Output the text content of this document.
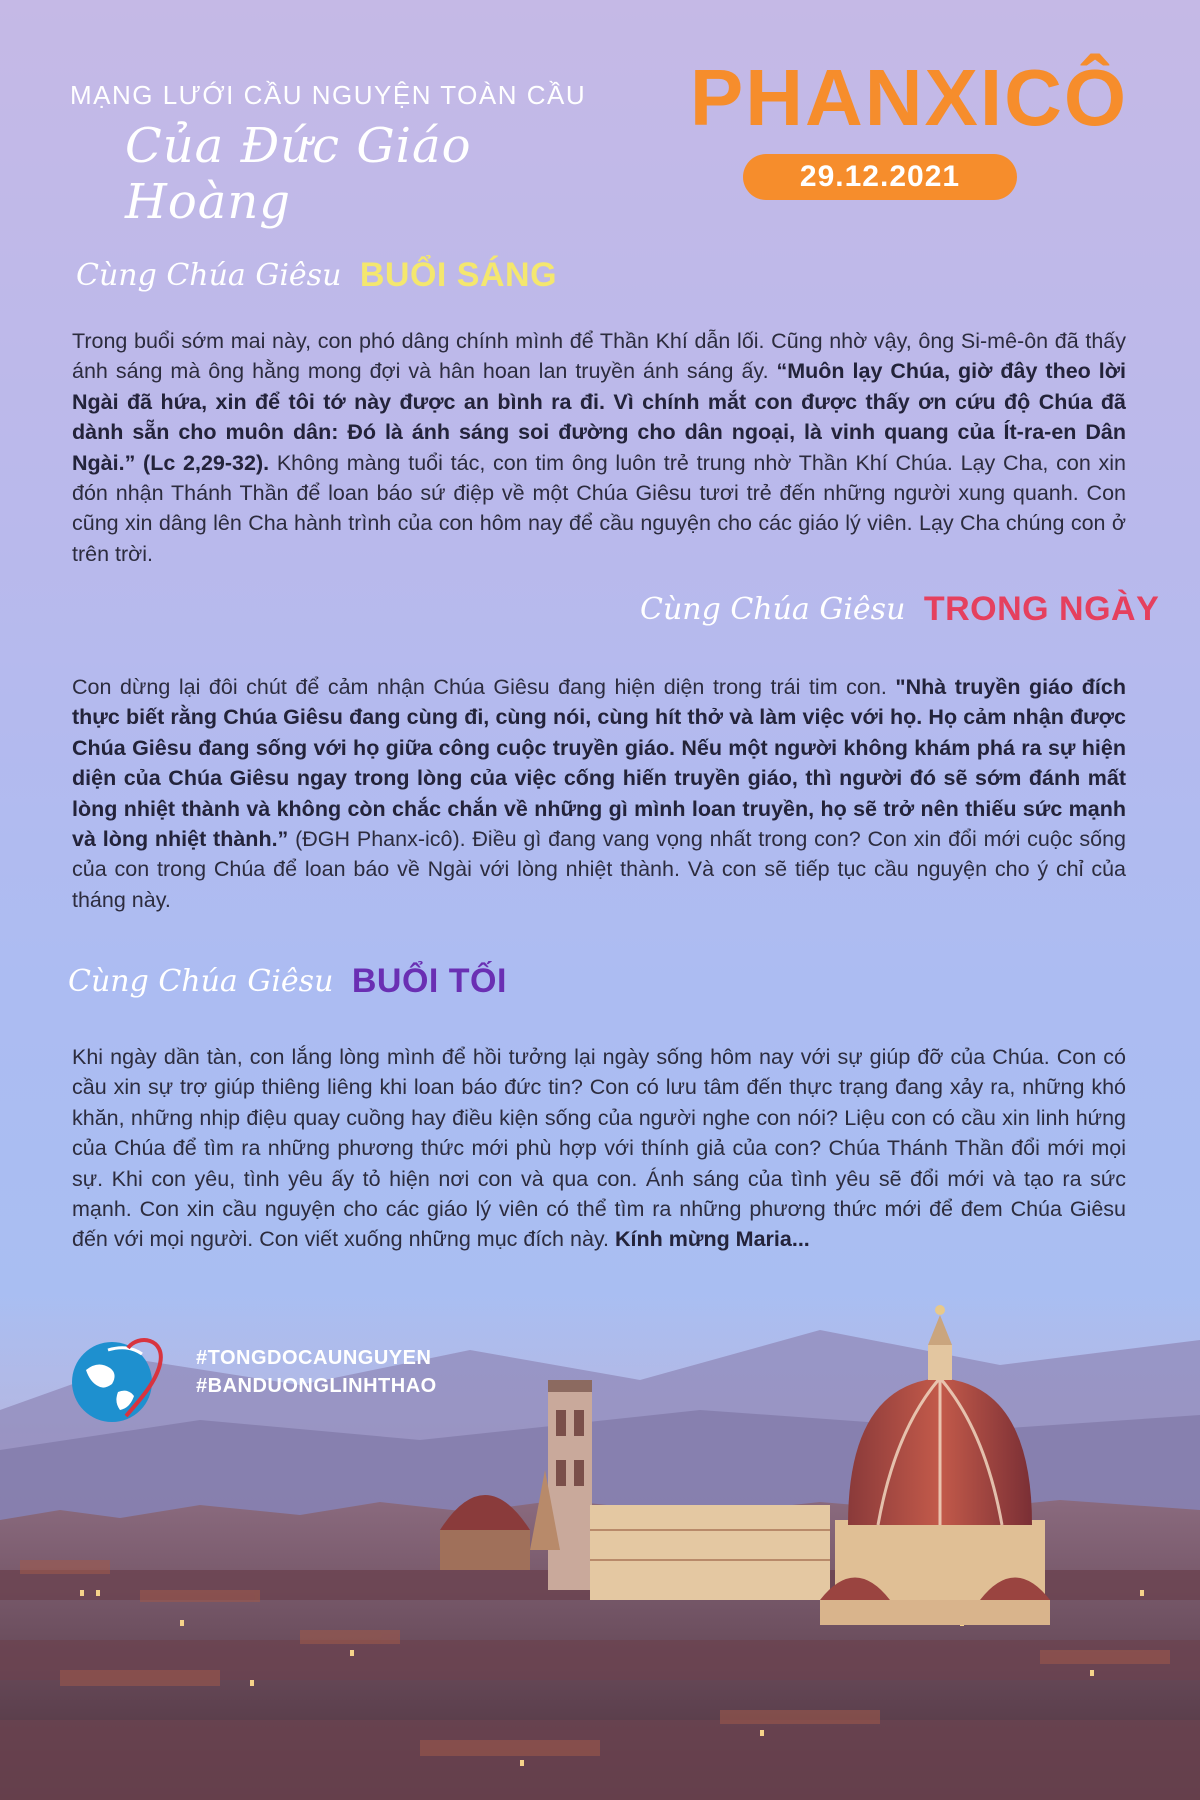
MẠNG LƯỚI CẦU NGUYỆN TOÀN CẦU
Của Đức Giáo Hoàng
PHANXICÔ
29.12.2021
Cùng Chúa Giêsu BUỔI SÁNG

Trong buổi sớm mai này, con phó dâng chính mình để Thần Khí dẫn lối. Cũng nhờ vậy, ông Si-mê-ôn đã thấy ánh sáng mà ông hằng mong đợi và hân hoan lan truyền ánh sáng ấy. “Muôn lạy Chúa, giờ đây theo lời Ngài đã hứa, xin để tôi tớ này được an bình ra đi. Vì chính mắt con được thấy ơn cứu độ Chúa đã dành sẵn cho muôn dân: Đó là ánh sáng soi đường cho dân ngoại, là vinh quang của Ít-ra-en Dân Ngài.” (Lc 2,29-32). Không màng tuổi tác, con tim ông luôn trẻ trung nhờ Thần Khí Chúa. Lạy Cha, con xin đón nhận Thánh Thần để loan báo sứ điệp về một Chúa Giêsu tươi trẻ đến những người xung quanh. Con cũng xin dâng lên Cha hành trình của con hôm nay để cầu nguyện cho các giáo lý viên. Lạy Cha chúng con ở trên trời.

Cùng Chúa Giêsu TRONG NGÀY

Con dừng lại đôi chút để cảm nhận Chúa Giêsu đang hiện diện trong trái tim con. "Nhà truyền giáo đích thực biết rằng Chúa Giêsu đang cùng đi, cùng nói, cùng hít thở và làm việc với họ. Họ cảm nhận được Chúa Giêsu đang sống với họ giữa công cuộc truyền giáo. Nếu một người không khám phá ra sự hiện diện của Chúa Giêsu ngay trong lòng của việc cống hiến truyền giáo, thì người đó sẽ sớm đánh mất lòng nhiệt thành và không còn chắc chắn về những gì mình loan truyền, họ sẽ trở nên thiếu sức mạnh và lòng nhiệt thành.” (ĐGH Phanx-icô). Điều gì đang vang vọng nhất trong con? Con xin đổi mới cuộc sống của con trong Chúa để loan báo về Ngài với lòng nhiệt thành. Và con sẽ tiếp tục cầu nguyện cho ý chỉ của tháng này.

Cùng Chúa Giêsu BUỔI TỐI

Khi ngày dần tàn, con lắng lòng mình để hồi tưởng lại ngày sống hôm nay với sự giúp đỡ của Chúa. Con có cầu xin sự trợ giúp thiêng liêng khi loan báo đức tin? Con có lưu tâm đến thực trạng đang xảy ra, những khó khăn, những nhịp điệu quay cuồng hay điều kiện sống của người nghe con nói? Liệu con có cầu xin linh hứng của Chúa để tìm ra những phương thức mới phù hợp với thính giả của con? Chúa Thánh Thần đổi mới mọi sự. Khi con yêu, tình yêu ấy tỏ hiện nơi con và qua con. Ánh sáng của tình yêu sẽ đổi mới và tạo ra sức mạnh. Con xin cầu nguyện cho các giáo lý viên có thể tìm ra những phương thức mới để đem Chúa Giêsu đến với mọi người. Con viết xuống những mục đích này. Kính mừng Maria...

#TONGDOCAUNGUYEN
#BANDUONGLINHTHAO
